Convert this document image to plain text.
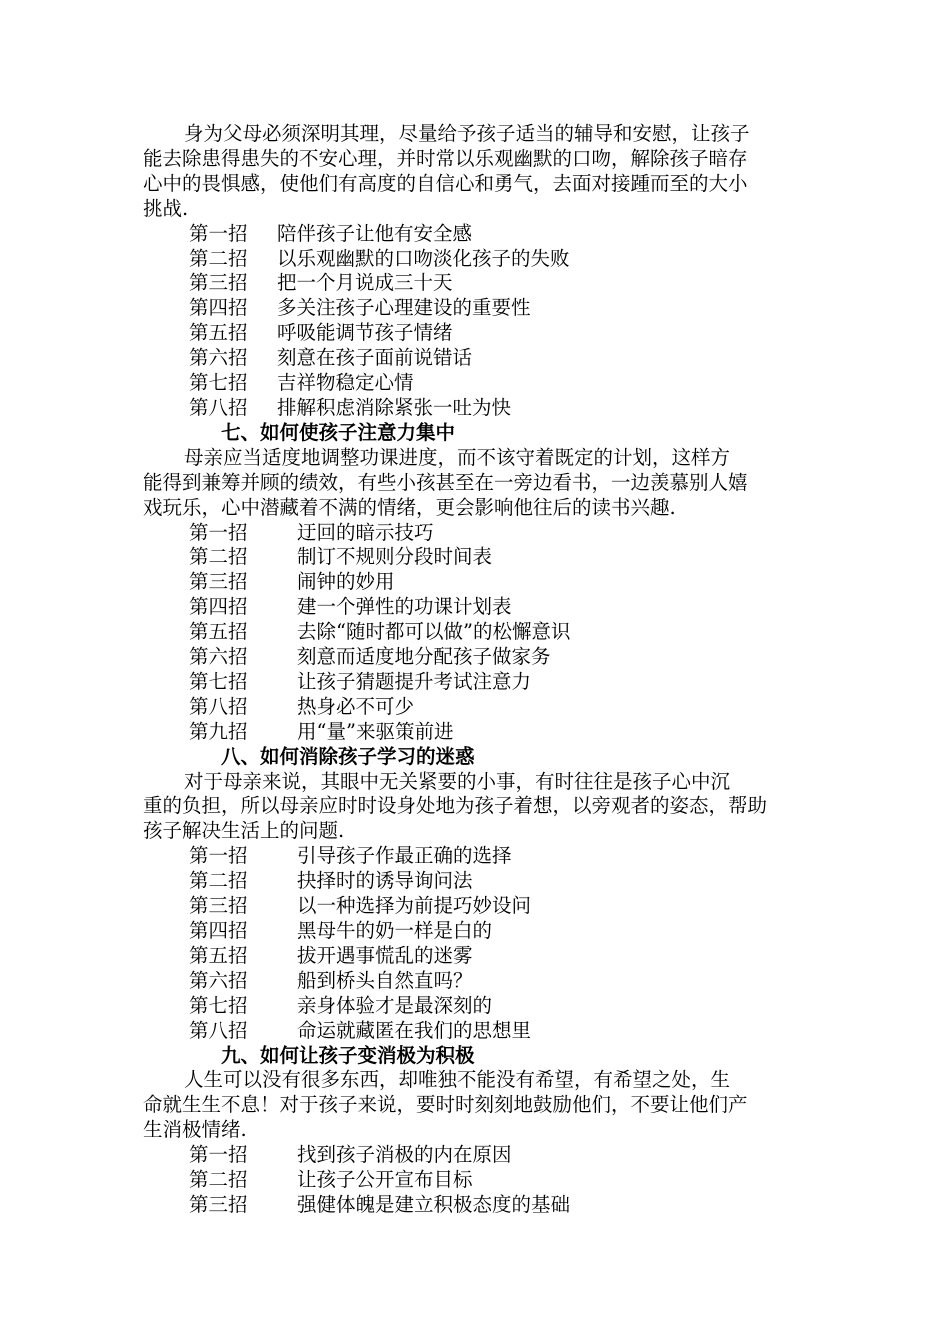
身为父母必须深明其理，尽量给予孩子适当的辅导和安慰，让孩子
能去除患得患失的不安心理，并时常以乐观幽默的口吻，解除孩子暗存
心中的畏惧感，使他们有高度的自信心和勇气，去面对接踵而至的大小
挑战.

第一招	陪伴孩子让他有安全感
第二招	以乐观幽默的口吻淡化孩子的失败
第三招	把一个月说成三十天
第四招	多关注孩子心理建设的重要性
第五招	呼吸能调节孩子情绪
第六招	刻意在孩子面前说错话
第七招	吉祥物稳定心情
第八招	排解积虑消除紧张一吐为快
七、如何使孩子注意力集中

母亲应当适度地调整功课进度，而不该守着既定的计划，这样方
能得到兼筹并顾的绩效，有些小孩甚至在一旁边看书，一边羡慕别人嬉
戏玩乐，心中潜藏着不满的情绪，更会影响他往后的读书兴趣.

第一招	迂回的暗示技巧
第二招	制订不规则分段时间表
第三招	闹钟的妙用
第四招	建一个弹性的功课计划表
第五招	去除“随时都可以做”的松懈意识
第六招	刻意而适度地分配孩子做家务
第七招	让孩子猜题提升考试注意力
第八招	热身必不可少
第九招	用“量”来驱策前进
八、如何消除孩子学习的迷惑

对于母亲来说，其眼中无关紧要的小事，有时往往是孩子心中沉
重的负担，所以母亲应时时设身处地为孩子着想，以旁观者的姿态，帮助
孩子解决生活上的问题.

第一招	引导孩子作最正确的选择
第二招	抉择时的诱导询问法
第三招	以一种选择为前提巧妙设问
第四招	黑母牛的奶一样是白的
第五招	拔开遇事慌乱的迷雾
第六招	船到桥头自然直吗？
第七招	亲身体验才是最深刻的
第八招	命运就藏匿在我们的思想里
九、如何让孩子变消极为积极

人生可以没有很多东西，却唯独不能没有希望，有希望之处，生
命就生生不息！对于孩子来说，要时时刻刻地鼓励他们，不要让他们产
生消极情绪.

第一招	找到孩子消极的内在原因
第二招	让孩子公开宣布目标
第三招	强健体魄是建立积极态度的基础
